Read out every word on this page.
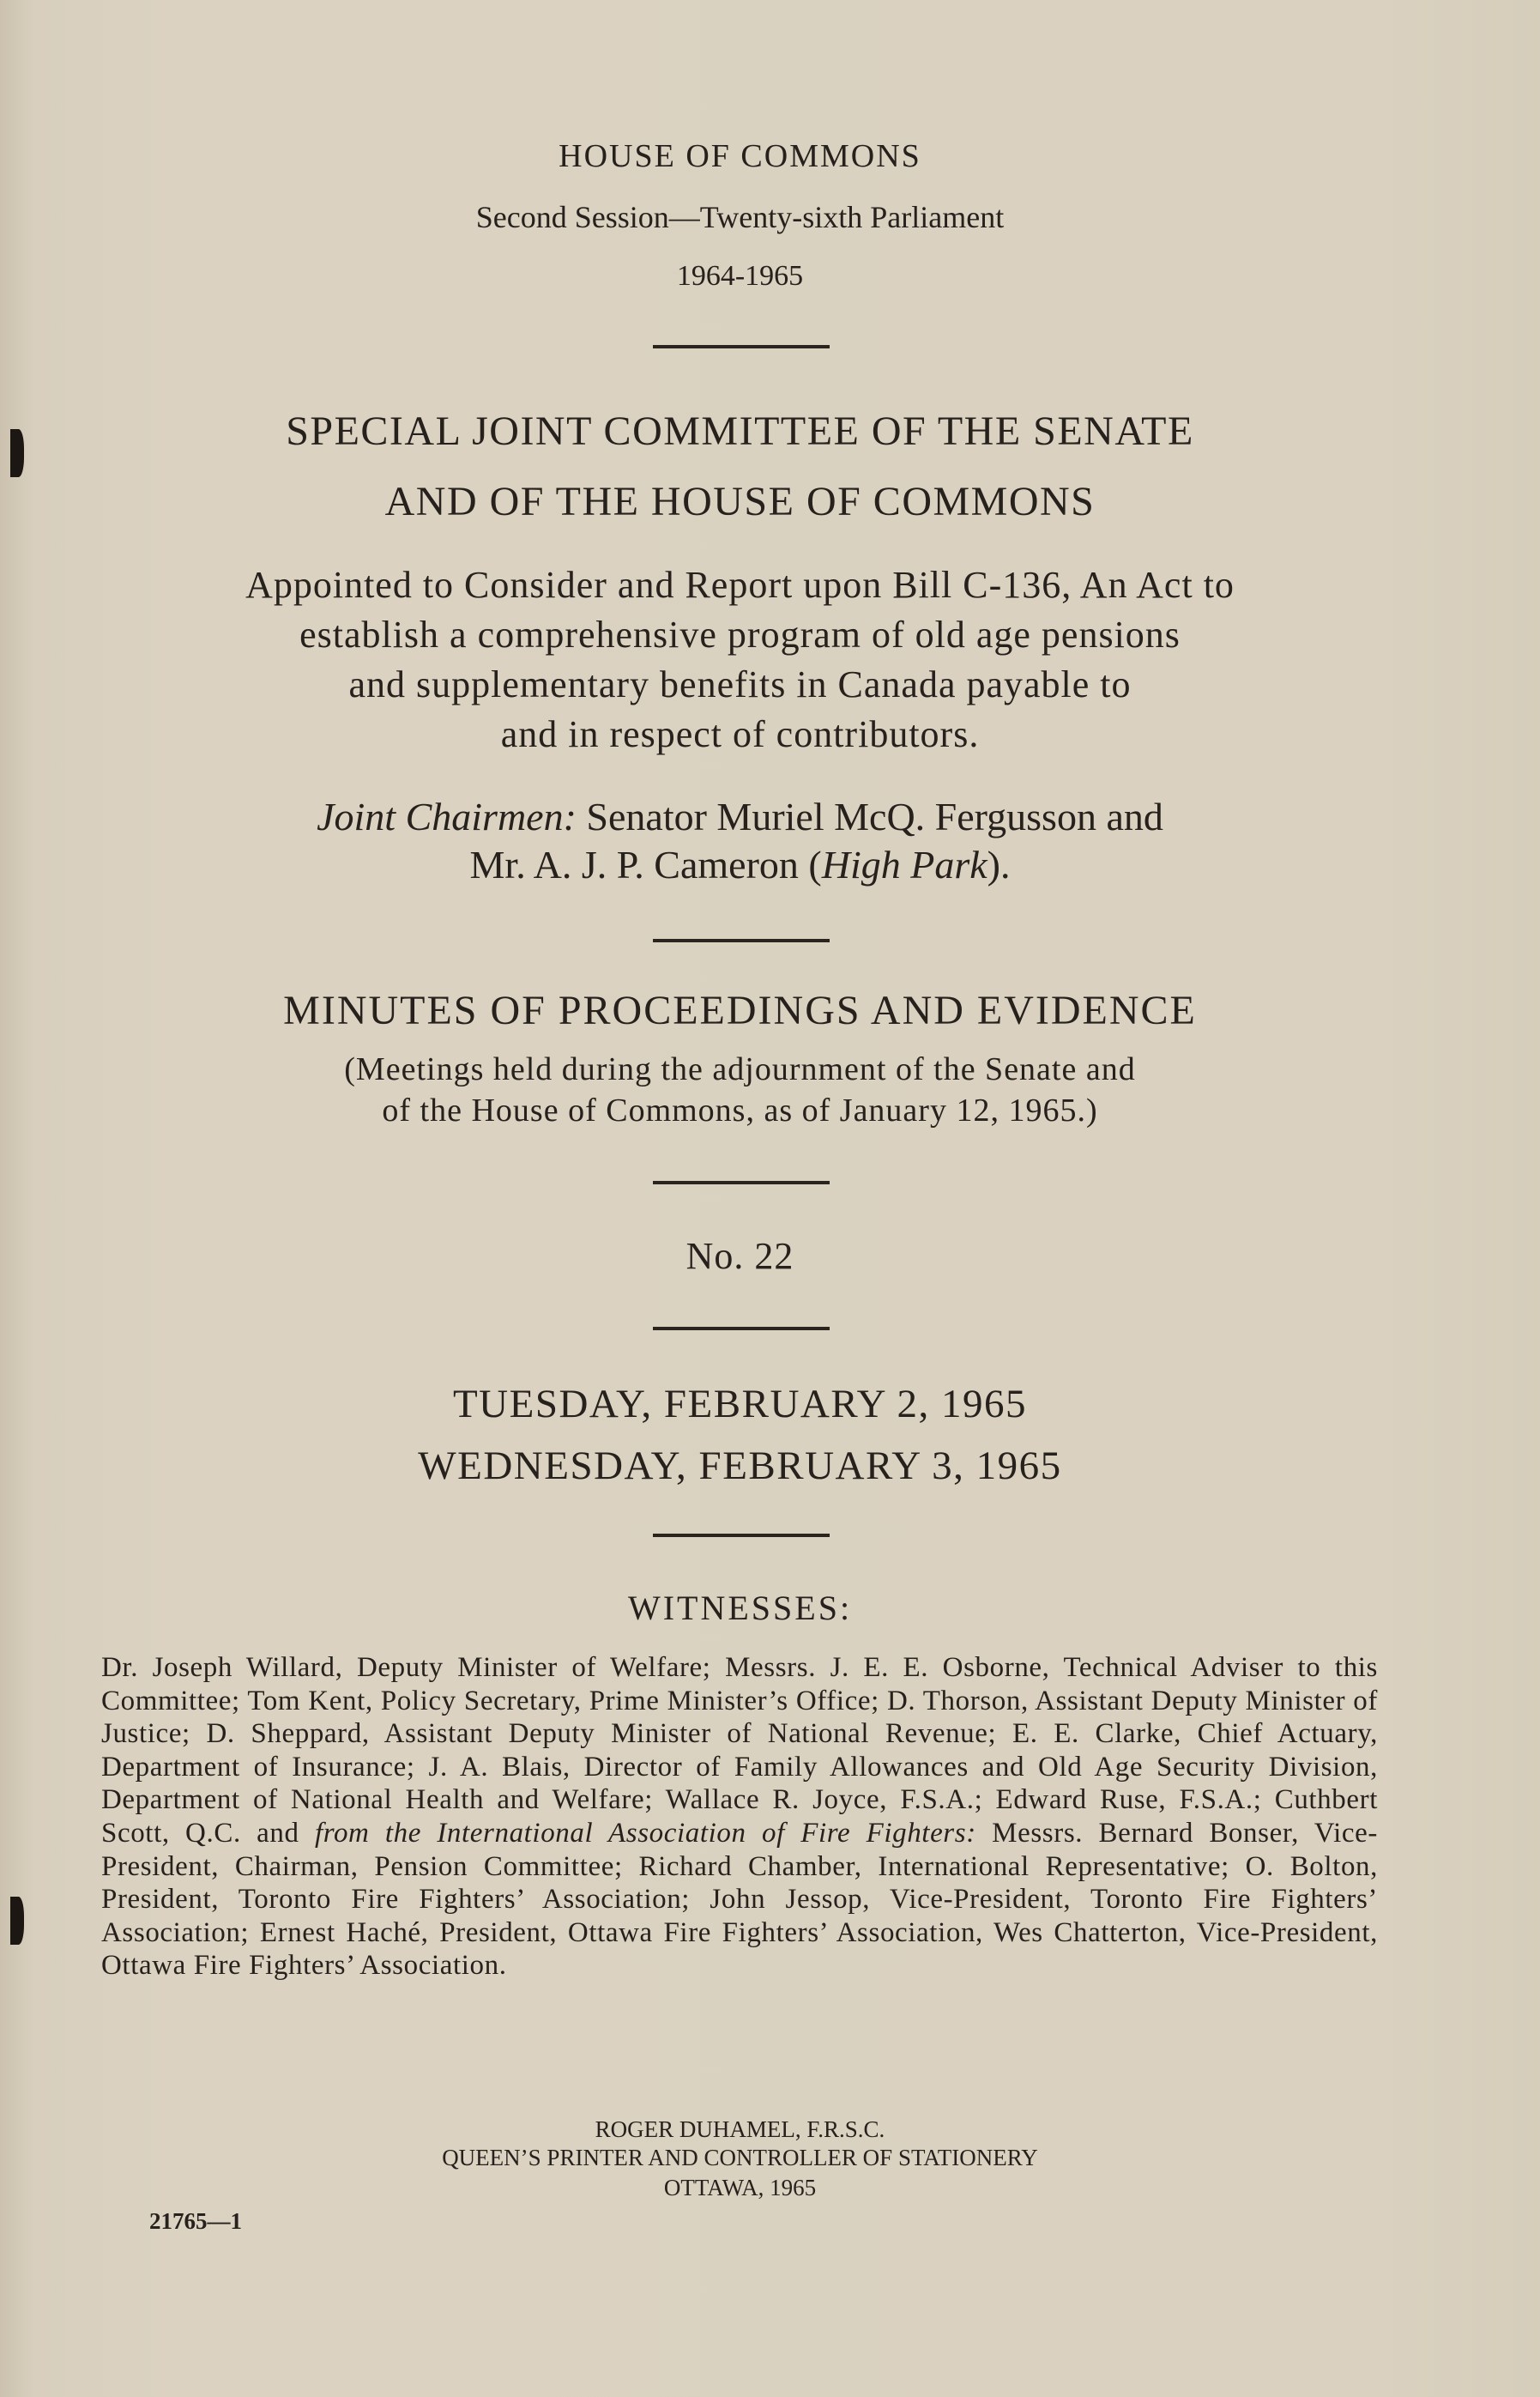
HOUSE OF COMMONS
Second Session—Twenty-sixth Parliament
1964-1965
SPECIAL JOINT COMMITTEE OF THE SENATE
AND OF THE HOUSE OF COMMONS
Appointed to Consider and Report upon Bill C-136, An Act to
establish a comprehensive program of old age pensions
and supplementary benefits in Canada payable to
and in respect of contributors.
Joint Chairmen: Senator Muriel McQ. Fergusson and
Mr. A. J. P. Cameron (High Park).
MINUTES OF PROCEEDINGS AND EVIDENCE
(Meetings held during the adjournment of the Senate and
of the House of Commons, as of January 12, 1965.)
No. 22
TUESDAY, FEBRUARY 2, 1965
WEDNESDAY, FEBRUARY 3, 1965
WITNESSES:
Dr. Joseph Willard, Deputy Minister of Welfare; Messrs. J. E. E. Osborne, Technical Adviser to this Committee; Tom Kent, Policy Secretary, Prime Minister’s Office; D. Thorson, Assistant Deputy Minister of Justice; D. Sheppard, Assistant Deputy Minister of National Revenue; E. E. Clarke, Chief Actuary, Department of Insurance; J. A. Blais, Director of Family Allowances and Old Age Security Division, Department of National Health and Welfare; Wallace R. Joyce, F.S.A.; Edward Ruse, F.S.A.; Cuthbert Scott, Q.C. and from the International Association of Fire Fighters: Messrs. Bernard Bonser, Vice-President, Chairman, Pension Committee; Richard Chamber, International Representative; O. Bolton, President, Toronto Fire Fighters’ Association; John Jessop, Vice-President, Toronto Fire Fighters’ Association; Ernest Haché, President, Ottawa Fire Fighters’ Association, Wes Chatterton, Vice-President, Ottawa Fire Fighters’ Association.
ROGER DUHAMEL, F.R.S.C.
QUEEN’S PRINTER AND CONTROLLER OF STATIONERY
OTTAWA, 1965
21765—1
